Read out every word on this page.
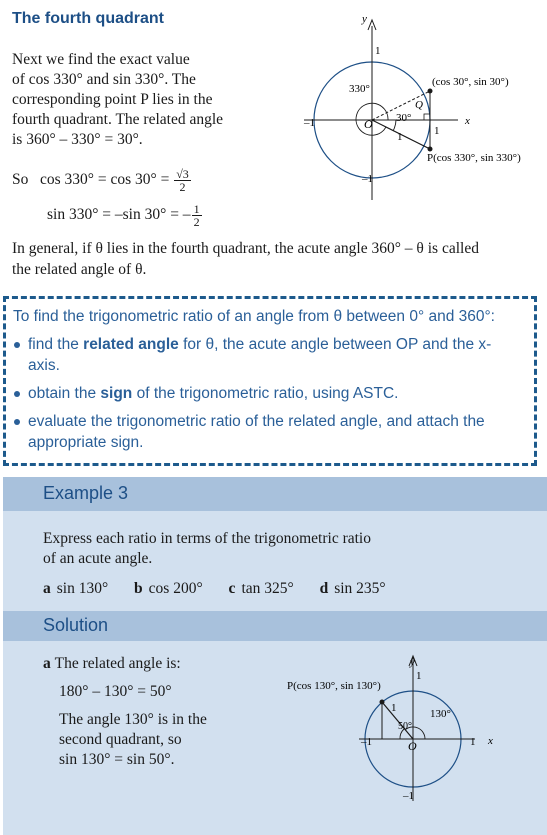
The fourth quadrant

Next we find the exact value

of cos 330° and sin 330°. The

corresponding point P lies in the

fourth quadrant. The related angle

is 360° – 330° = 30°.

So $\cos 330^\circ = \cos 30^\circ = \frac{√3}{2}$
sin 330° = –sin 30° = – $\frac{1}{2}$
y
x
1
–1
1
–1
330°
30°
O
1
Q
(cos 30°, sin 30°)
P(cos 330°, sin 330°)

In general, if θ lies in the fourth quadrant, the acute angle 360° – θ is called

the related angle of θ.

To find the trigonometric ratio of an angle from θ between 0° and 360°:
find the related angle for θ, the acute angle between OP and the x-axis.
obtain the sign of the trigonometric ratio, using ASTC.
evaluate the trigonometric ratio of the related angle, and attach the appropriate sign.
Example 3

Express each ratio in terms of the trigonometric ratio

of an acute angle.

a sin 130° b cos 200° c tan 325° d sin 235°
Solution

a The related angle is:

180° – 130° = 50°

The angle 130° is in the second quadrant, so

sin 130° = sin 50°.

y
x
1
–1	1
–1
130°
50°
O
1
P(cos 130°, sin 130°)
